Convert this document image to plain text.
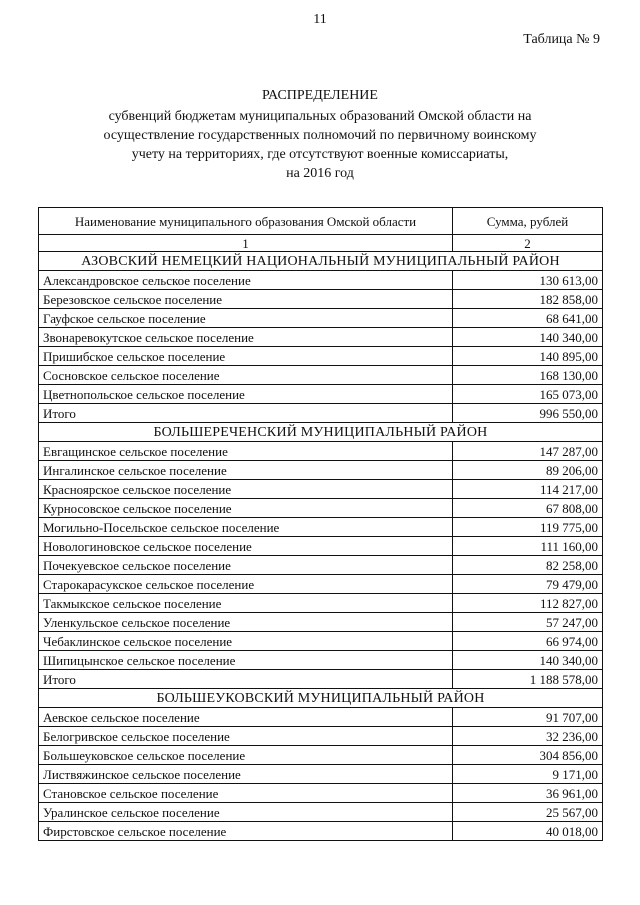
11
Таблица № 9
РАСПРЕДЕЛЕНИЕ
субвенций бюджетам муниципальных образований Омской области на
осуществление государственных полномочий по первичному воинскому
учету на территориях, где отсутствуют военные комиссариаты,
на 2016 год
Наименование муниципального образования Омской области	Сумма, рублей
1	2
АЗОВСКИЙ НЕМЕЦКИЙ НАЦИОНАЛЬНЫЙ МУНИЦИПАЛЬНЫЙ РАЙОН	
Александровское сельское поселение	130 613,00
Березовское сельское поселение	182 858,00
Гауфское сельское поселение	68 641,00
Звонаревокутское сельское поселение	140 340,00
Пришибское сельское поселение	140 895,00
Сосновское сельское поселение	168 130,00
Цветнопольское сельское поселение	165 073,00
Итого	996 550,00
БОЛЬШЕРЕЧЕНСКИЙ МУНИЦИПАЛЬНЫЙ РАЙОН	
Евгащинское сельское поселение	147 287,00
Ингалинское сельское поселение	89 206,00
Красноярское сельское поселение	114 217,00
Курносовское сельское поселение	67 808,00
Могильно-Посельское сельское поселение	119 775,00
Новологиновское сельское поселение	111 160,00
Почекуевское сельское поселение	82 258,00
Старокарасукское сельское поселение	79 479,00
Такмыкское сельское поселение	112 827,00
Уленкульское сельское поселение	57 247,00
Чебаклинское сельское поселение	66 974,00
Шипицынское сельское поселение	140 340,00
Итого	1 188 578,00
БОЛЬШЕУКОВСКИЙ МУНИЦИПАЛЬНЫЙ РАЙОН	
Аевское сельское поселение	91 707,00
Белогривское сельское поселение	32 236,00
Большеуковское сельское поселение	304 856,00
Листвяжинское сельское поселение	9 171,00
Становское сельское поселение	36 961,00
Уралинское сельское поселение	25 567,00
Фирстовское сельское поселение	40 018,00
